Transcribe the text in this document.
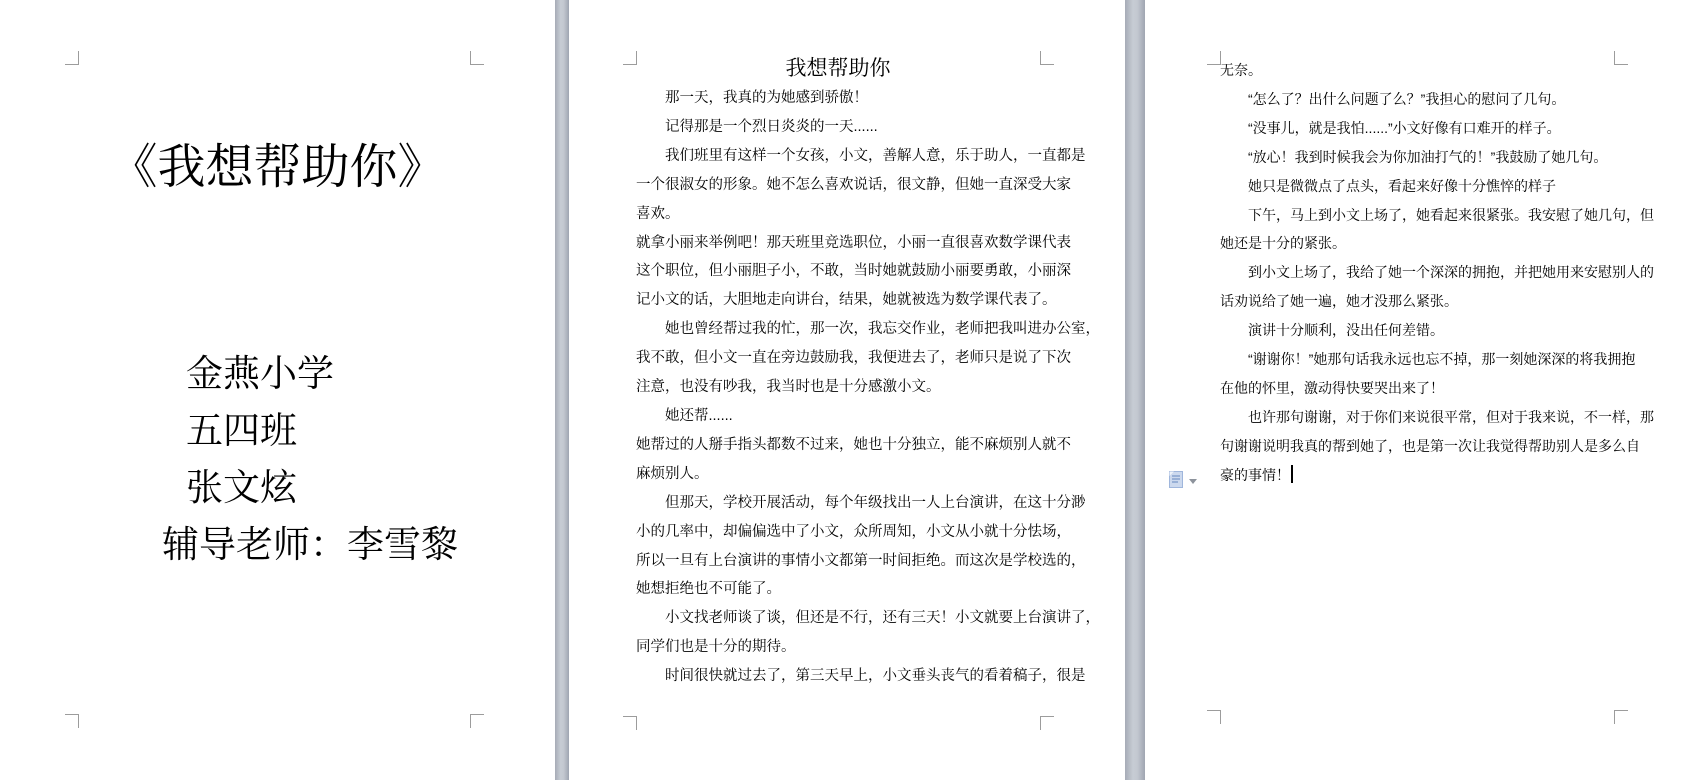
《我想帮助你》
金燕小学
五四班
张文炫
辅导老师：李雪黎
我想帮助你
那一天，我真的为她感到骄傲！
记得那是一个烈日炎炎的一天......
我们班里有这样一个女孩，小文，善解人意，乐于助人，一直都是
一个很淑女的形象。她不怎么喜欢说话，很文静，但她一直深受大家
喜欢。
就拿小丽来举例吧！那天班里竞选职位，小丽一直很喜欢数学课代表
这个职位，但小丽胆子小，不敢，当时她就鼓励小丽要勇敢，小丽深
记小文的话，大胆地走向讲台，结果，她就被选为数学课代表了。
她也曾经帮过我的忙，那一次，我忘交作业，老师把我叫进办公室，
我不敢，但小文一直在旁边鼓励我，我便进去了，老师只是说了下次
注意，也没有吵我，我当时也是十分感激小文。
她还帮......
她帮过的人掰手指头都数不过来，她也十分独立，能不麻烦别人就不
麻烦别人。
但那天，学校开展活动，每个年级找出一人上台演讲，在这十分渺
小的几率中，却偏偏选中了小文，众所周知，小文从小就十分怯场，
所以一旦有上台演讲的事情小文都第一时间拒绝。而这次是学校选的，
她想拒绝也不可能了。
小文找老师谈了谈，但还是不行，还有三天！小文就要上台演讲了，
同学们也是十分的期待。
时间很快就过去了，第三天早上，小文垂头丧气的看着稿子，很是
无奈。
“怎么了？出什么问题了么？”我担心的慰问了几句。
“没事儿，就是我怕......”小文好像有口难开的样子。
“放心！我到时候我会为你加油打气的！”我鼓励了她几句。
她只是微微点了点头，看起来好像十分憔悴的样子
下午，马上到小文上场了，她看起来很紧张。我安慰了她几句，但
她还是十分的紧张。
到小文上场了，我给了她一个深深的拥抱，并把她用来安慰别人的
话劝说给了她一遍，她才没那么紧张。
演讲十分顺利，没出任何差错。
“谢谢你！”她那句话我永远也忘不掉，那一刻她深深的将我拥抱
在他的怀里，激动得快要哭出来了！
也许那句谢谢，对于你们来说很平常，但对于我来说，不一样，那
句谢谢说明我真的帮到她了，也是第一次让我觉得帮助别人是多么自
豪的事情！
